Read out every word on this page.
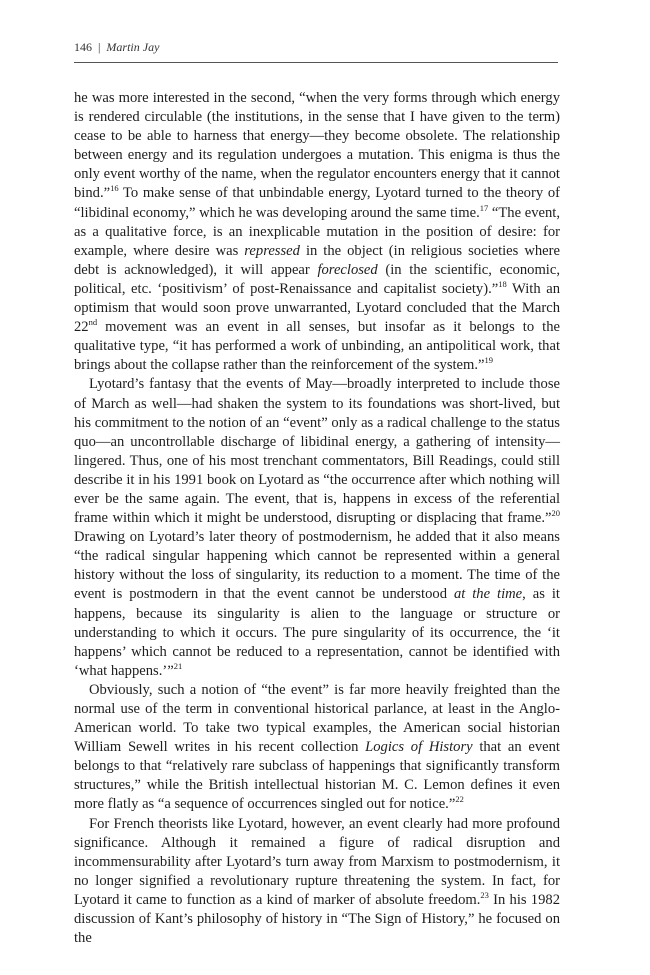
146 | Martin Jay

he was more interested in the second, “when the very forms through which energy is rendered circulable (the institutions, in the sense that I have given to the term) cease to be able to harness that energy—they become obsolete. The relationship between energy and its regulation undergoes a mutation. This enigma is thus the only event worthy of the name, when the regulator encounters energy that it cannot bind.”$^{16}$ To make sense of that unbindable energy, Lyotard turned to the theory of “libidinal economy,” which he was developing around the same time.$^{17}$ “The event, as a qualitative force, is an inexplicable mutation in the position of desire: for example, where desire was repressed in the object (in religious societies where debt is acknowledged), it will appear foreclosed (in the scientific, economic, political, etc. ‘positivism’ of post-Renaissance and capitalist society).”$^{18}$ With an optimism that would soon prove unwarranted, Lyotard concluded that the March 22nd movement was an event in all senses, but insofar as it belongs to the qualitative type, “it has performed a work of unbinding, an antipolitical work, that brings about the collapse rather than the reinforcement of the system.”$^{19}$

Lyotard’s fantasy that the events of May—broadly interpreted to include those of March as well—had shaken the system to its foundations was short-lived, but his commitment to the notion of an “event” only as a radical challenge to the status quo—an uncontrollable discharge of libidinal energy, a gathering of intensity—lingered. Thus, one of his most trenchant commentators, Bill Readings, could still describe it in his 1991 book on Lyotard as “the occurrence after which nothing will ever be the same again. The event, that is, happens in excess of the referential frame within which it might be understood, disrupting or displacing that frame.”$^{20}$ Drawing on Lyotard’s later theory of postmodernism, he added that it also means “the radical singular happening which cannot be represented within a general history without the loss of singularity, its reduction to a moment. The time of the event is postmodern in that the event cannot be understood at the time, as it happens, because its singularity is alien to the language or structure or understanding to which it occurs. The pure singularity of its occurrence, the ‘it happens’ which cannot be reduced to a representation, cannot be identified with ‘what happens.’”$^{21}$

Obviously, such a notion of “the event” is far more heavily freighted than the normal use of the term in conventional historical parlance, at least in the Anglo-American world. To take two typical examples, the American social historian William Sewell writes in his recent collection Logics of History that an event belongs to that “relatively rare subclass of happenings that significantly transform structures,” while the British intellectual historian M. C. Lemon defines it even more flatly as “a sequence of occurrences singled out for notice.”$^{22}$

For French theorists like Lyotard, however, an event clearly had more profound significance. Although it remained a figure of radical disruption and incommensurability after Lyotard’s turn away from Marxism to postmodernism, it no longer signified a revolutionary rupture threatening the system. In fact, for Lyotard it came to function as a kind of marker of absolute freedom.$^{23}$ In his 1982 discussion of Kant’s philosophy of history in “The Sign of History,” he focused on the
